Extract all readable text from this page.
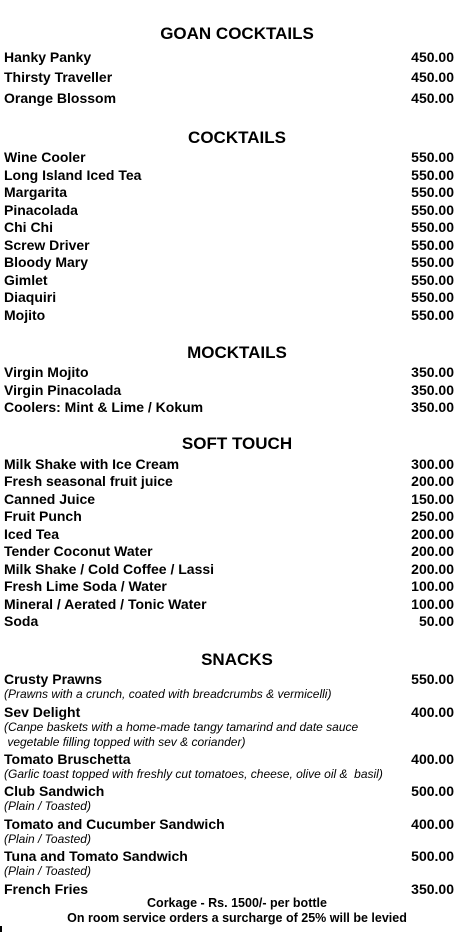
GOAN COCKTAILS
Hanky Panky	450.00
Thirsty Traveller	450.00
Orange Blossom	450.00
COCKTAILS
Wine Cooler	550.00
Long Island Iced Tea	550.00
Margarita	550.00
Pinacolada	550.00
Chi Chi	550.00
Screw Driver	550.00
Bloody Mary	550.00
Gimlet	550.00
Diaquiri	550.00
Mojito	550.00
MOCKTAILS
Virgin Mojito	350.00
Virgin Pinacolada	350.00
Coolers: Mint & Lime / Kokum	350.00
SOFT TOUCH
Milk Shake with Ice Cream	300.00
Fresh seasonal fruit juice	200.00
Canned Juice	150.00
Fruit Punch	250.00
Iced Tea	200.00
Tender Coconut Water	200.00
Milk Shake / Cold Coffee / Lassi	200.00
Fresh Lime Soda / Water	100.00
Mineral / Aerated / Tonic Water	100.00
Soda	50.00
SNACKS
Crusty Prawns	550.00
(Prawns with a crunch, coated with breadcrumbs & vermicelli)
Sev Delight	400.00
(Canpe baskets with a home-made tangy tamarind and date sauce
vegetable filling topped with sev & coriander)
Tomato Bruschetta	400.00
(Garlic toast topped with freshly cut tomatoes, cheese, olive oil &  basil)
Club Sandwich	500.00
(Plain / Toasted)
Tomato and Cucumber Sandwich	400.00
(Plain / Toasted)
Tuna and Tomato Sandwich	500.00
(Plain / Toasted)
French Fries	350.00
Corkage - Rs. 1500/- per bottle
On room service orders a surcharge of 25% will be levied
